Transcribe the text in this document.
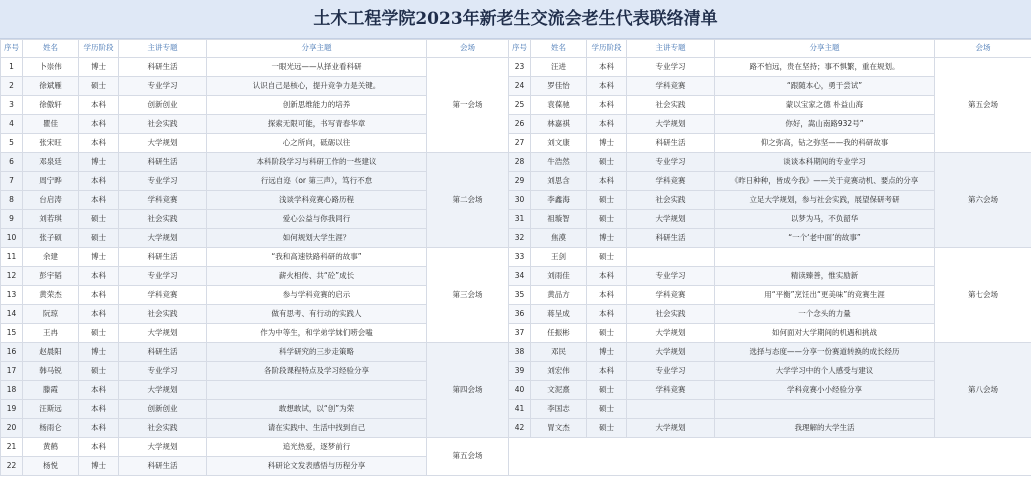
土木工程学院2023年新老生交流会老生代表联络清单
序号	姓名	学历阶段	主讲专题	分享主题	会场	序号	姓名	学历阶段	主讲专题	分享主题	会场
1	卜崇伟	博士	科研生活	一眼光远——从择业看科研	第一会场	23	汪进	本科	专业学习	路不怕远，贵在坚持；事不惧繁，重在规划。	第五会场
2	徐斌雁	硕士	专业学习	认识自己是核心，提升竞争力是关键。		24	罗佳怡	本科	学科竞赛	“跟随本心，勇于尝试”	
3	徐傲轩	本科	创新创业	创新思维能力的培养		25	袁葆驰	本科	社会实践	蒙以宝家之德 朴益山海	
4	瞿佳	本科	社会实践	探索无限可能，书写青春华章		26	林嘉祺	本科	大学规划	你好，嵩山南路932号”	
5	张宋旺	本科	大学规划	心之所向，砥砺以往		27	刘文康	博士	科研生活	仰之弥高，钻之弥坚——我的科研故事	
6	邓泉廷	博士	科研生活	本科阶段学习与科研工作的一些建议	第二会场	28	牛浩然	硕士	专业学习	谈谈本科期间的专业学习	第六会场
7	周宁晔	本科	专业学习	行远自迩（or 第三声），笃行不怠		29	刘思含	本科	学科竞赛	《昨日种种，皆成今我》——关于竞赛动机、要点的分享	
8	台启涛	本科	学科竞赛	浅谈学科竞赛心路历程		30	李鑫海	硕士	社会实践	立足大学规划，参与社会实践，展望保研考研	
9	刘若琪	硕士	社会实践	爱心公益与你我同行		31	祖璇智	硕士	大学规划	以梦为马，不负韶华	
10	张子硕	硕士	大学规划	如何规划大学生涯？		32	焦漠	博士	科研生活	“一个‘老中面’的故事”	
11	余建	博士	科研生活	“我和高速铁路科研的故事”	第三会场	33	王剑	硕士			第七会场
12	彭宇韬	本科	专业学习	薪火相传、共“砼”成长		34	刘雨佳	本科	专业学习	精读臻善，惟实励新	
13	黄荣杰	本科	学科竞赛	参与学科竞赛的启示		35	黄品方	本科	学科竞赛	用“平衡”烹饪出“更美味”的竞赛生涯	
14	阮琼	本科	社会实践	做有思考、有行动的实践人		36	蒋呈成	本科	社会实践	一个念头的力量	
15	王冉	硕士	大学规划	作为中等生，和学弟学妹们唠会嗑		37	任振彬	硕士	大学规划	如何面对大学期间的机遇和挑战	
16	赵晨阳	博士	科研生活	科学研究的三步走策略	第四会场	38	邓民	博士	大学规划	选择与态度——分享一份赛道转换的成长经历	第八会场
17	韩马锐	硕士	专业学习	各阶段课程特点及学习经验分享		39	刘宏伟	本科	专业学习	大学学习中的个人感受与建议	
18	滕霞	本科	大学规划			40	文泥熹	硕士	学科竞赛	学科竞赛小小经验分享	
19	汪斯远	本科	创新创业	敢想敢试，以“创”为荣		41	李国志	硕士			
20	杨雨仑	本科	社会实践	请在实践中、生活中找到自己		42	胃文杰	硕士	大学规划	我理解的大学生活	
21	黄鹤	本科	大学规划	追光热爱，逐梦前行	第五会场						
22	杨悦	博士	科研生活	科研论文发表感悟与历程分享							
